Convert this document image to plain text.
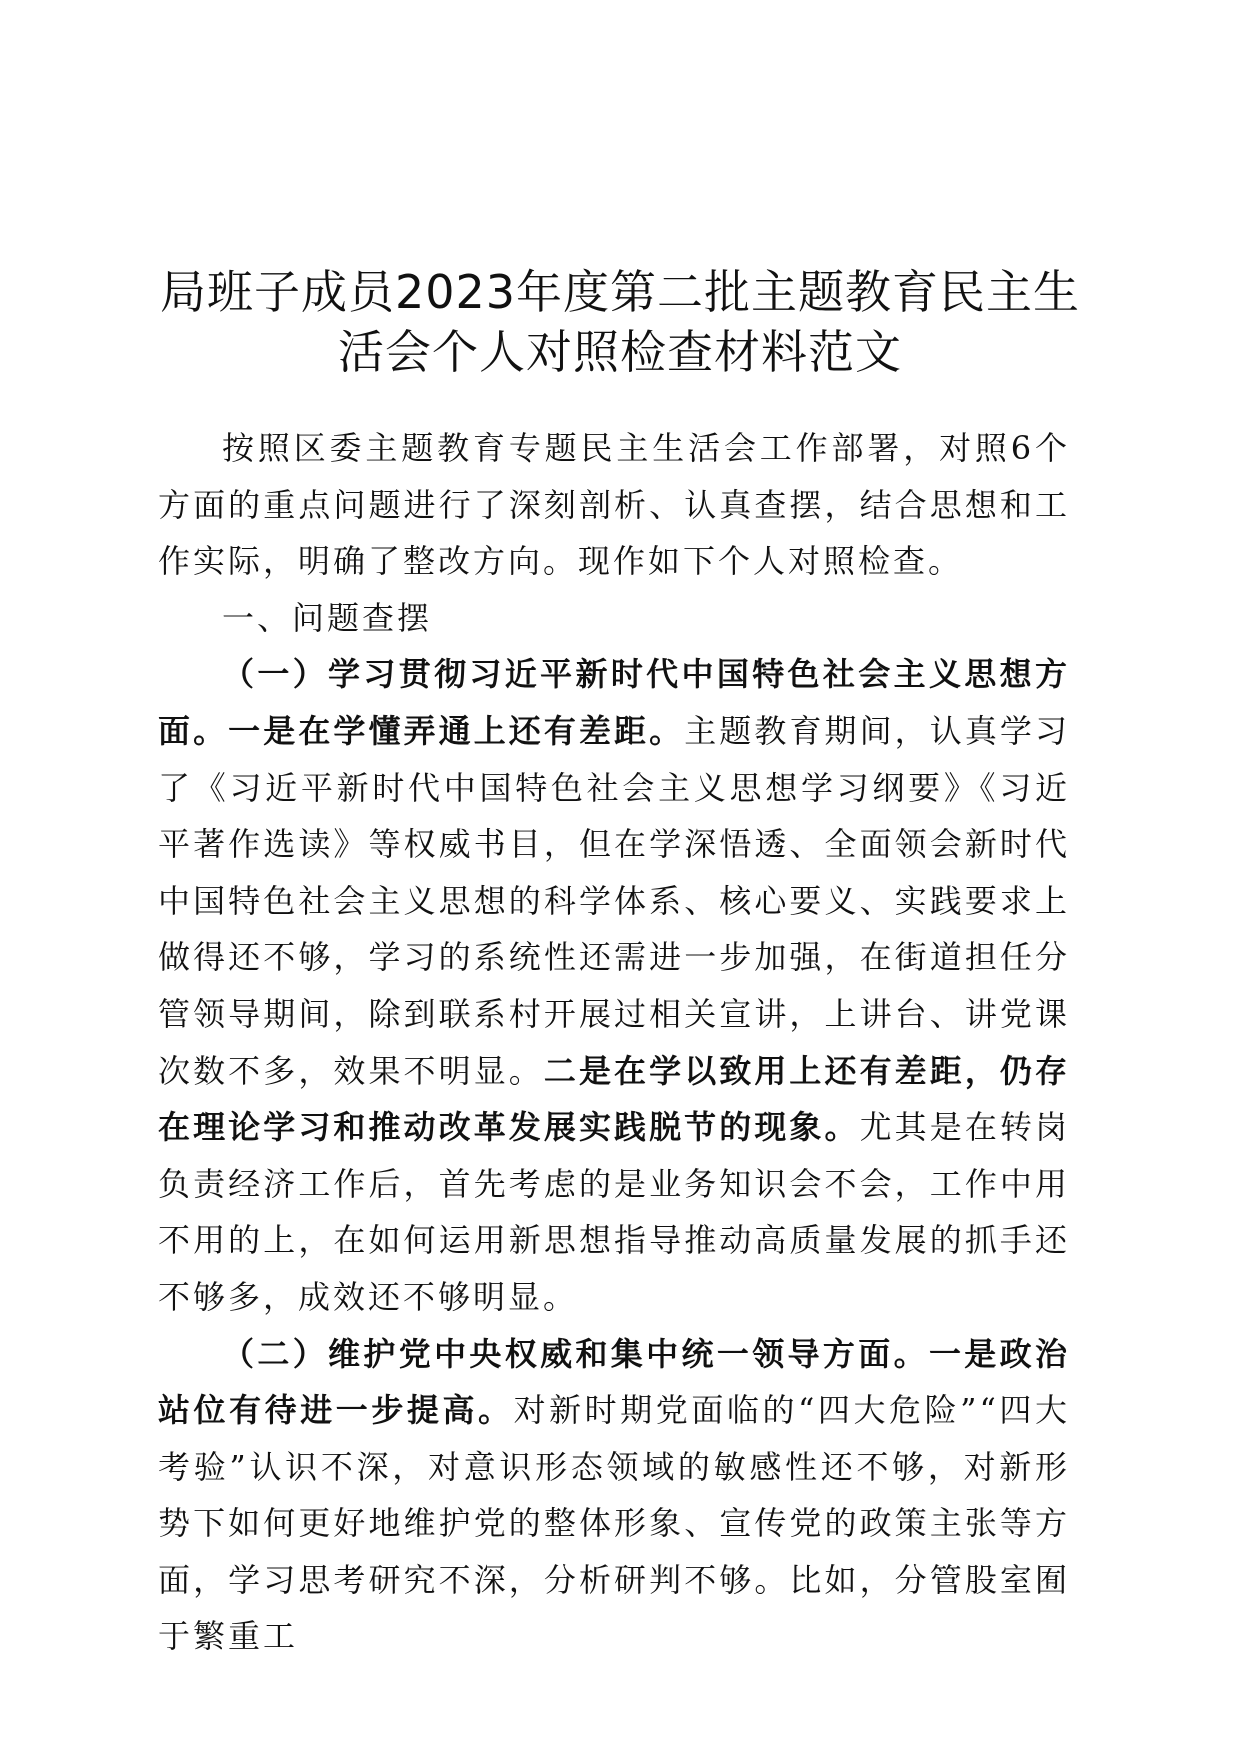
局班子成员2023年度第二批主题教育民主生
活会个人对照检查材料范文

按照区委主题教育专题民主生活会工作部署，对照6个方面的重点问题进行了深刻剖析、认真查摆，结合思想和工作实际，明确了整改方向。现作如下个人对照检查。

一、问题查摆

（一）学习贯彻习近平新时代中国特色社会主义思想方面。一是在学懂弄通上还有差距。主题教育期间，认真学习了《习近平新时代中国特色社会主义思想学习纲要》《习近平著作选读》等权威书目，但在学深悟透、全面领会新时代中国特色社会主义思想的科学体系、核心要义、实践要求上做得还不够，学习的系统性还需进一步加强，在街道担任分管领导期间，除到联系村开展过相关宣讲，上讲台、讲党课次数不多，效果不明显。二是在学以致用上还有差距，仍存在理论学习和推动改革发展实践脱节的现象。尤其是在转岗负责经济工作后，首先考虑的是业务知识会不会，工作中用不用的上，在如何运用新思想指导推动高质量发展的抓手还不够多，成效还不够明显。

（二）维护党中央权威和集中统一领导方面。一是政治站位有待进一步提高。对新时期党面临的“四大危险”“四大考验”认识不深，对意识形态领域的敏感性还不够，对新形势下如何更好地维护党的整体形象、宣传党的政策主张等方面，学习思考研究不深，分析研判不够。比如，分管股室囿于繁重工
